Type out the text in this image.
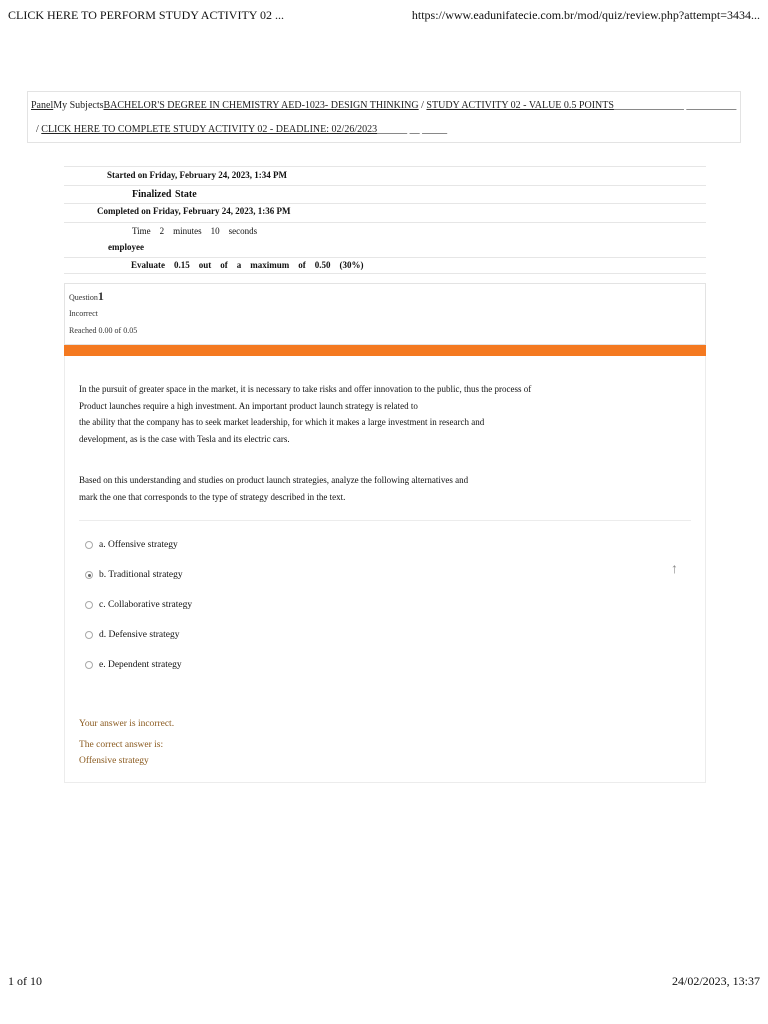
CLICK HERE TO PERFORM STUDY ACTIVITY 02 ...	https://www.eadunifatecie.com.br/mod/quiz/review.php?attempt=3434...
PanelMy SubjectsBACHELOR'S DEGREE IN CHEMISTRY AED-1023- DESIGN THINKING / STUDY ACTIVITY 02 - VALUE 0.5 POINTS______________ __________
/ CLICK HERE TO COMPLETE STUDY ACTIVITY 02 - DEADLINE: 02/26/2023______ __ _____
Started on Friday, February 24, 2023, 1:34 PM
Finalized State
Completed on Friday, February 24, 2023, 1:36 PM
Time    2    minutes    10    seconds
employee
Evaluate    0.15    out    of    a    maximum    of    0.50    (30%)
Question1
Incorrect
Reached 0.00 of 0.05

In the pursuit of greater space in the market, it is necessary to take risks and offer innovation to the public, thus the process of

Product launches require a high investment. An important product launch strategy is related to

the ability that the company has to seek market leadership, for which it makes a large investment in research and

development, as is the case with Tesla and its electric cars.

Based on this understanding and studies on product launch strategies, analyze the following alternatives and

mark the one that corresponds to the type of strategy described in the text.

a. Offensive strategy
b. Traditional strategy
c. Collaborative strategy
d. Defensive strategy
e. Dependent strategy
↑
Your answer is incorrect.
The correct answer is:
Offensive strategy
1 of 10	24/02/2023, 13:37
